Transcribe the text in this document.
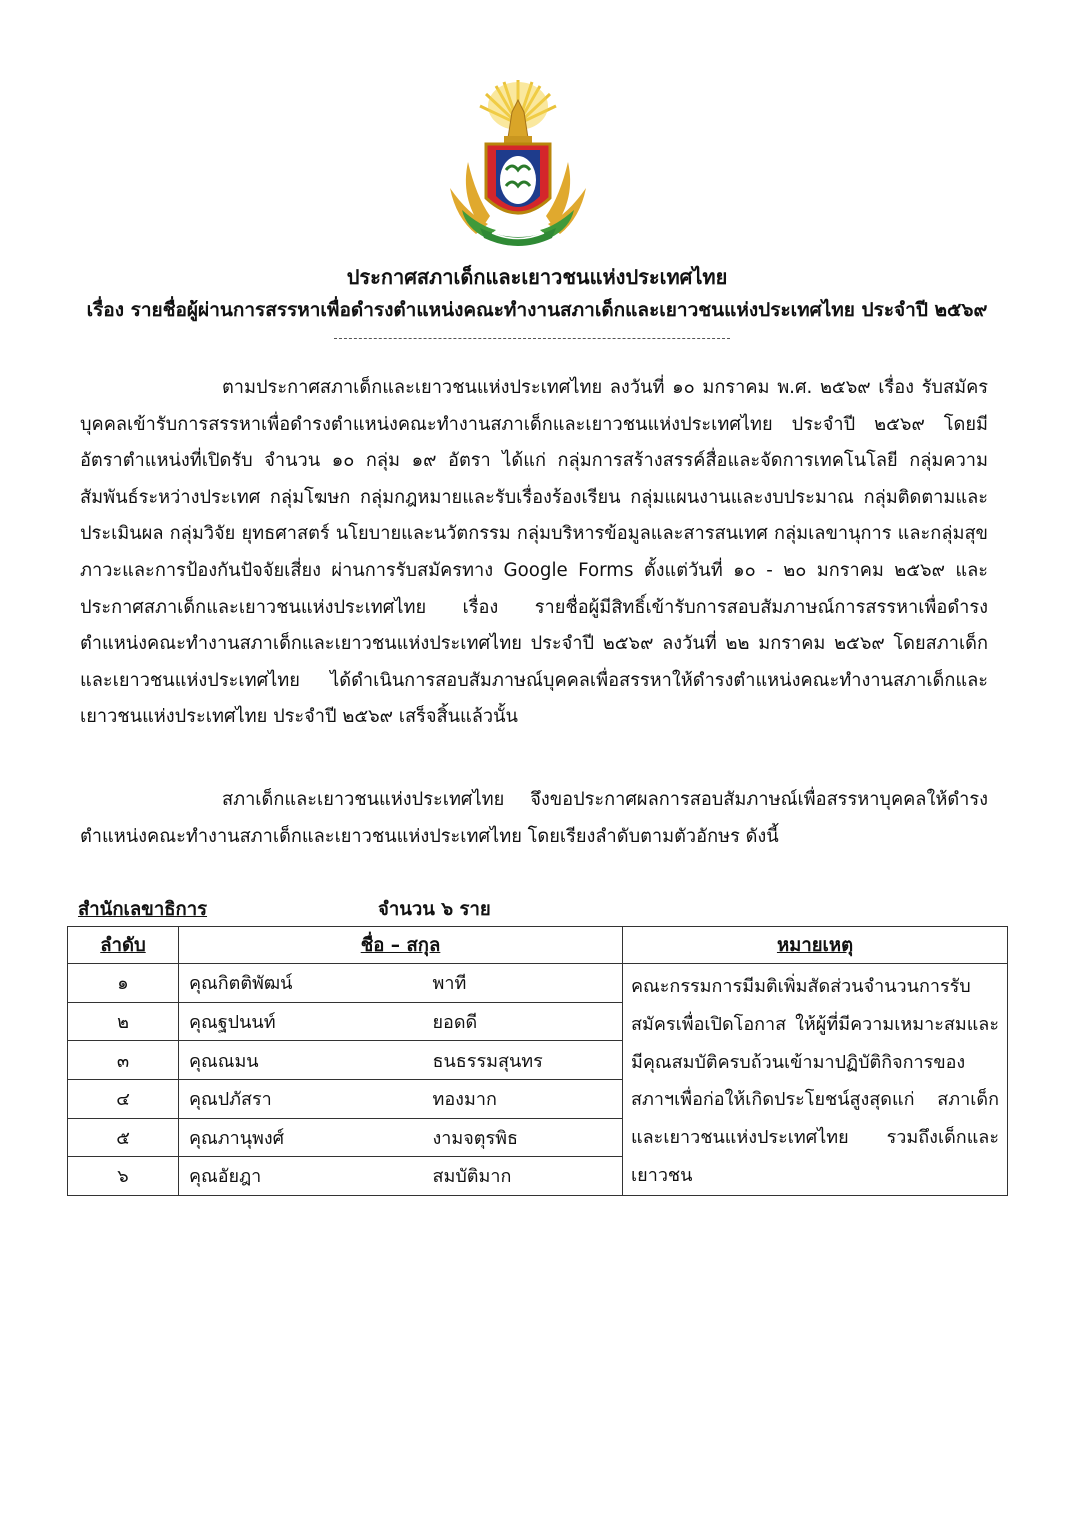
ประกาศสภาเด็กและเยาวชนแห่งประเทศไทย
เรื่อง รายชื่อผู้ผ่านการสรรหาเพื่อดำรงตำแหน่งคณะทำงานสภาเด็กและเยาวชนแห่งประเทศไทย ประจำปี ๒๕๖๙

ตามประกาศสภาเด็กและเยาวชนแห่งประเทศไทย ลงวันที่ ๑๐ มกราคม พ.ศ. ๒๕๖๙ เรื่อง รับสมัครบุคคลเข้ารับการสรรหาเพื่อดำรงตำแหน่งคณะทำงานสภาเด็กและเยาวชนแห่งประเทศไทย ประจำปี ๒๕๖๙ โดยมีอัตราตำแหน่งที่เปิดรับ จำนวน ๑๐ กลุ่ม ๑๙ อัตรา ได้แก่ กลุ่มการสร้างสรรค์สื่อและจัดการเทคโนโลยี กลุ่มความสัมพันธ์ระหว่างประเทศ กลุ่มโฆษก กลุ่มกฎหมายและรับเรื่องร้องเรียน กลุ่มแผนงานและงบประมาณ กลุ่มติดตามและประเมินผล กลุ่มวิจัย ยุทธศาสตร์ นโยบายและนวัตกรรม กลุ่มบริหารข้อมูลและสารสนเทศ กลุ่มเลขานุการ และกลุ่มสุขภาวะและการป้องกันปัจจัยเสี่ยง ผ่านการรับสมัครทาง Google Forms ตั้งแต่วันที่ ๑๐ - ๒๐ มกราคม ๒๕๖๙ และประกาศสภาเด็กและเยาวชนแห่งประเทศไทย เรื่อง รายชื่อผู้มีสิทธิ์เข้ารับการสอบสัมภาษณ์การสรรหาเพื่อดำรงตำแหน่งคณะทำงานสภาเด็กและเยาวชนแห่งประเทศไทย ประจำปี ๒๕๖๙ ลงวันที่ ๒๒ มกราคม ๒๕๖๙ โดยสภาเด็กและเยาวชนแห่งประเทศไทย ได้ดำเนินการสอบสัมภาษณ์บุคคลเพื่อสรรหาให้ดำรงตำแหน่งคณะทำงานสภาเด็กและเยาวชนแห่งประเทศไทย ประจำปี ๒๕๖๙ เสร็จสิ้นแล้วนั้น

สภาเด็กและเยาวชนแห่งประเทศไทย จึงขอประกาศผลการสอบสัมภาษณ์เพื่อสรรหาบุคคลให้ดำรงตำแหน่งคณะทำงานสภาเด็กและเยาวชนแห่งประเทศไทย โดยเรียงลำดับตามตัวอักษร ดังนี้

สำนักเลขาธิการ	จำนวน ๖ ราย
ลำดับ	ชื่อ – สกุล		หมายเหตุ
๑	คุณกิตติพัฒน์	พาที	คณะกรรมการมีมติเพิ่มสัดส่วนจำนวนการรับสมัครเพื่อเปิดโอกาส ให้ผู้ที่มีความเหมาะสมและมีคุณสมบัติครบถ้วนเข้ามาปฏิบัติกิจการของ สภาฯเพื่อก่อให้เกิดประโยชน์สูงสุดแก่ สภาเด็กและเยาวชนแห่งประเทศไทย รวมถึงเด็กและเยาวชน
๒	คุณฐปนนท์	ยอดดี	
๓	คุณณมน	ธนธรรมสุนทร	
๔	คุณปภัสรา	ทองมาก	
๕	คุณภานุพงศ์	งามจตุรพิธ	
๖	คุณอัยฎา	สมบัติมาก	
